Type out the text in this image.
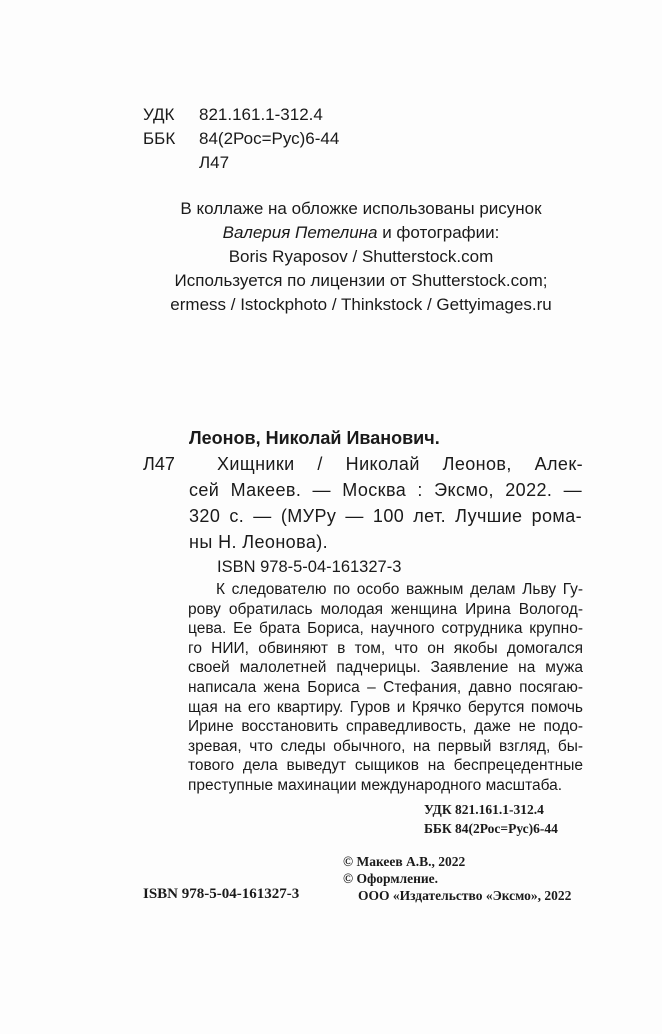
УДК 821.161.1-312.4
ББК 84(2Рос=Рус)6-44
Л47
В коллаже на обложке использованы рисунок
Валерия Петелина и фотографии:
Boris Ryaposov / Shutterstock.com
Используется по лицензии от Shutterstock.com;
ermess / Istockphoto / Thinkstock / Gettyimages.ru
Леонов, Николай Иванович.
Л47 Хищники / Николай Леонов, Алек-
сей Макеев. — Москва : Эксмо, 2022. —
320 с. — (МУРу — 100 лет. Лучшие рома-
ны Н. Леонова).
ISBN 978-5-04-161327-3
К следователю по особо важным делам Льву Гу-
рову обратилась молодая женщина Ирина Вологод-
цева. Ее брата Бориса, научного сотрудника крупно-
го НИИ, обвиняют в том, что он якобы домогался
своей малолетней падчерицы. Заявление на мужа
написала жена Бориса – Стефания, давно посягаю-
щая на его квартиру. Гуров и Крячко берутся помочь
Ирине восстановить справедливость, даже не подо-
зревая, что следы обычного, на первый взгляд, бы-
тового дела выведут сыщиков на беспрецедентные
преступные махинации международного масштаба.
УДК 821.161.1-312.4
ББК 84(2Рос=Рус)6-44
© Макеев А.В., 2022
© Оформление.
ISBN 978-5-04-161327-3	ООО «Издательство «Эксмо», 2022
